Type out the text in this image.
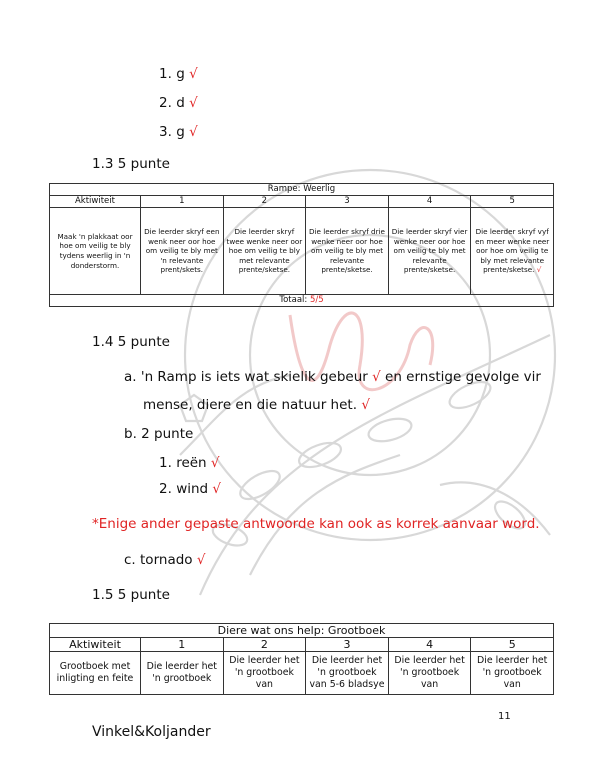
1. g √
2. d √
3. g √
1.3 5 punte
Rampe: Weerlig					
Aktiwiteit	1	2	3	4	5
Maak 'n plakkaat oor hoe om veilig te bly tydens weerlig in 'n donderstorm.	Die leerder skryf een wenk neer oor hoe om veilig te bly met 'n relevante prent/skets.	Die leerder skryf twee wenke neer oor hoe om veilig te bly met relevante prente/sketse.	Die leerder skryf drie wenke neer oor hoe om veilig te bly met relevante prente/sketse.	Die leerder skryf vier wenke neer oor hoe om veilig te bly met relevante prente/sketse.	Die leerder skryf vyf en meer wenke neer oor hoe om veilig te bly met relevante prente/sketse. √
Totaal: 5/5					
1.4 5 punte
a. 'n Ramp is iets wat skielik gebeur √ en ernstige gevolge vir
mense, diere en die natuur het. √
b. 2 punte
1. reën √
2. wind √
*Enige ander gepaste antwoorde kan ook as korrek aanvaar word.
c. tornado √
1.5 5 punte
Diere wat ons help: Grootboek					
Aktiwiteit	1	2	3	4	5
Grootboek met inligting en feite	Die leerder het 'n grootboek	Die leerder het 'n grootboek van	Die leerder het 'n grootboek van 5-6 bladsye	Die leerder het 'n grootboek van	Die leerder het 'n grootboek van
11
Vinkel&Koljander
